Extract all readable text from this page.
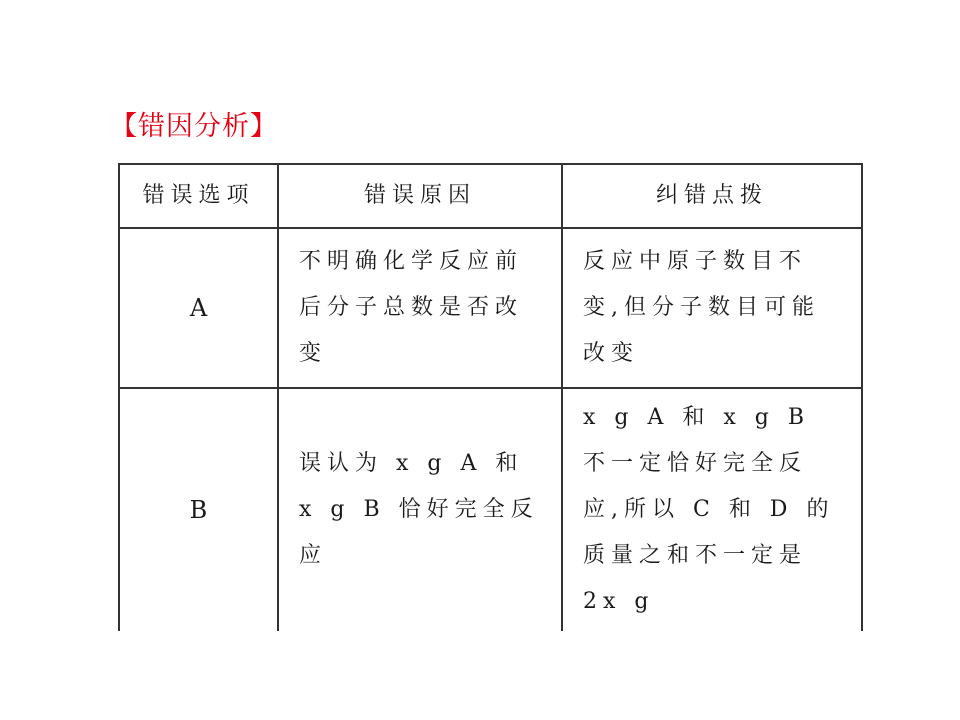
【错因分析】
错误选项	错误原因	纠错点拨
A	不明确化学反应前后分子总数是否改变	反应中原子数目不变,但分子数目可能改变
B	误认为 x g A 和 x g B 恰好完全反应	x g A 和 x g B 不一定恰好完全反应,所以 C 和 D 的质量之和不一定是 2x g
